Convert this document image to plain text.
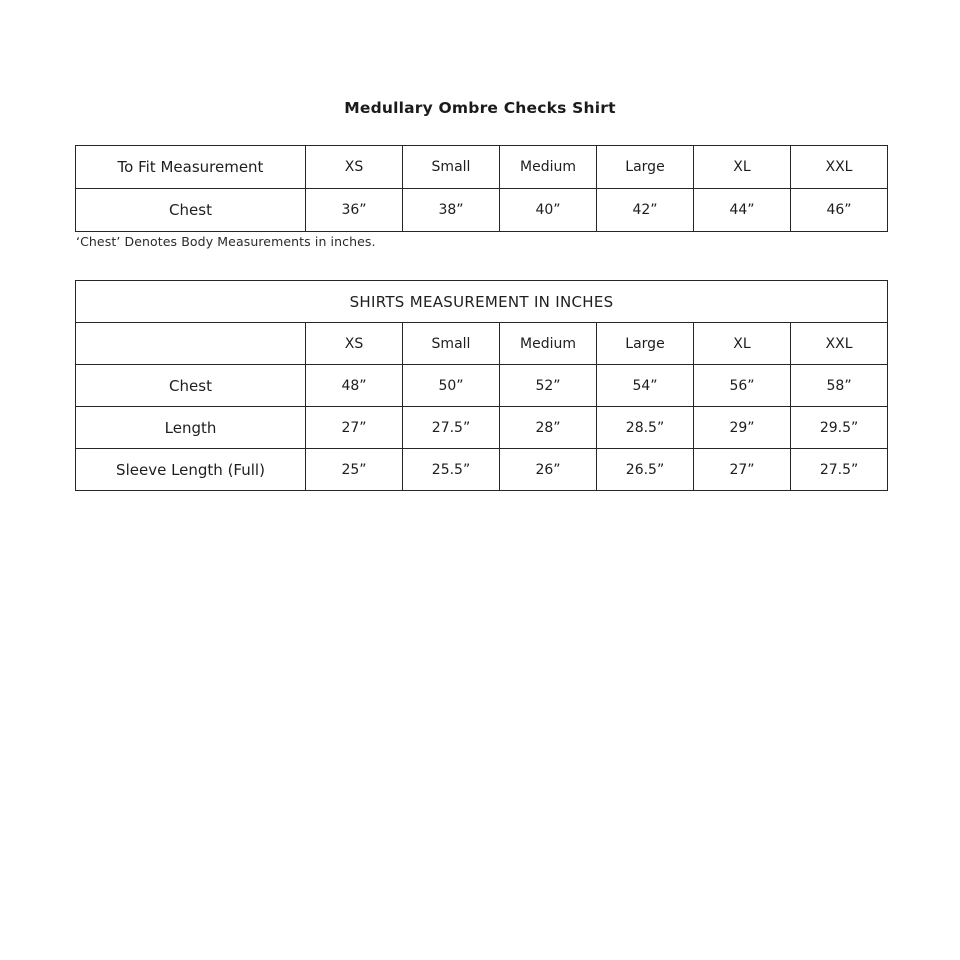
Medullary Ombre Checks Shirt
To Fit Measurement	XS	Small	Medium	Large	XL	XXL
Chest	36”	38”	40”	42”	44”	46”

‘Chest’ Denotes Body Measurements in inches.

SHIRTS MEASUREMENT IN INCHES						
	XS	Small	Medium	Large	XL	XXL
Chest	48”	50”	52”	54”	56”	58”
Length	27”	27.5”	28”	28.5”	29”	29.5”
Sleeve Length (Full)	25”	25.5”	26”	26.5”	27”	27.5”
